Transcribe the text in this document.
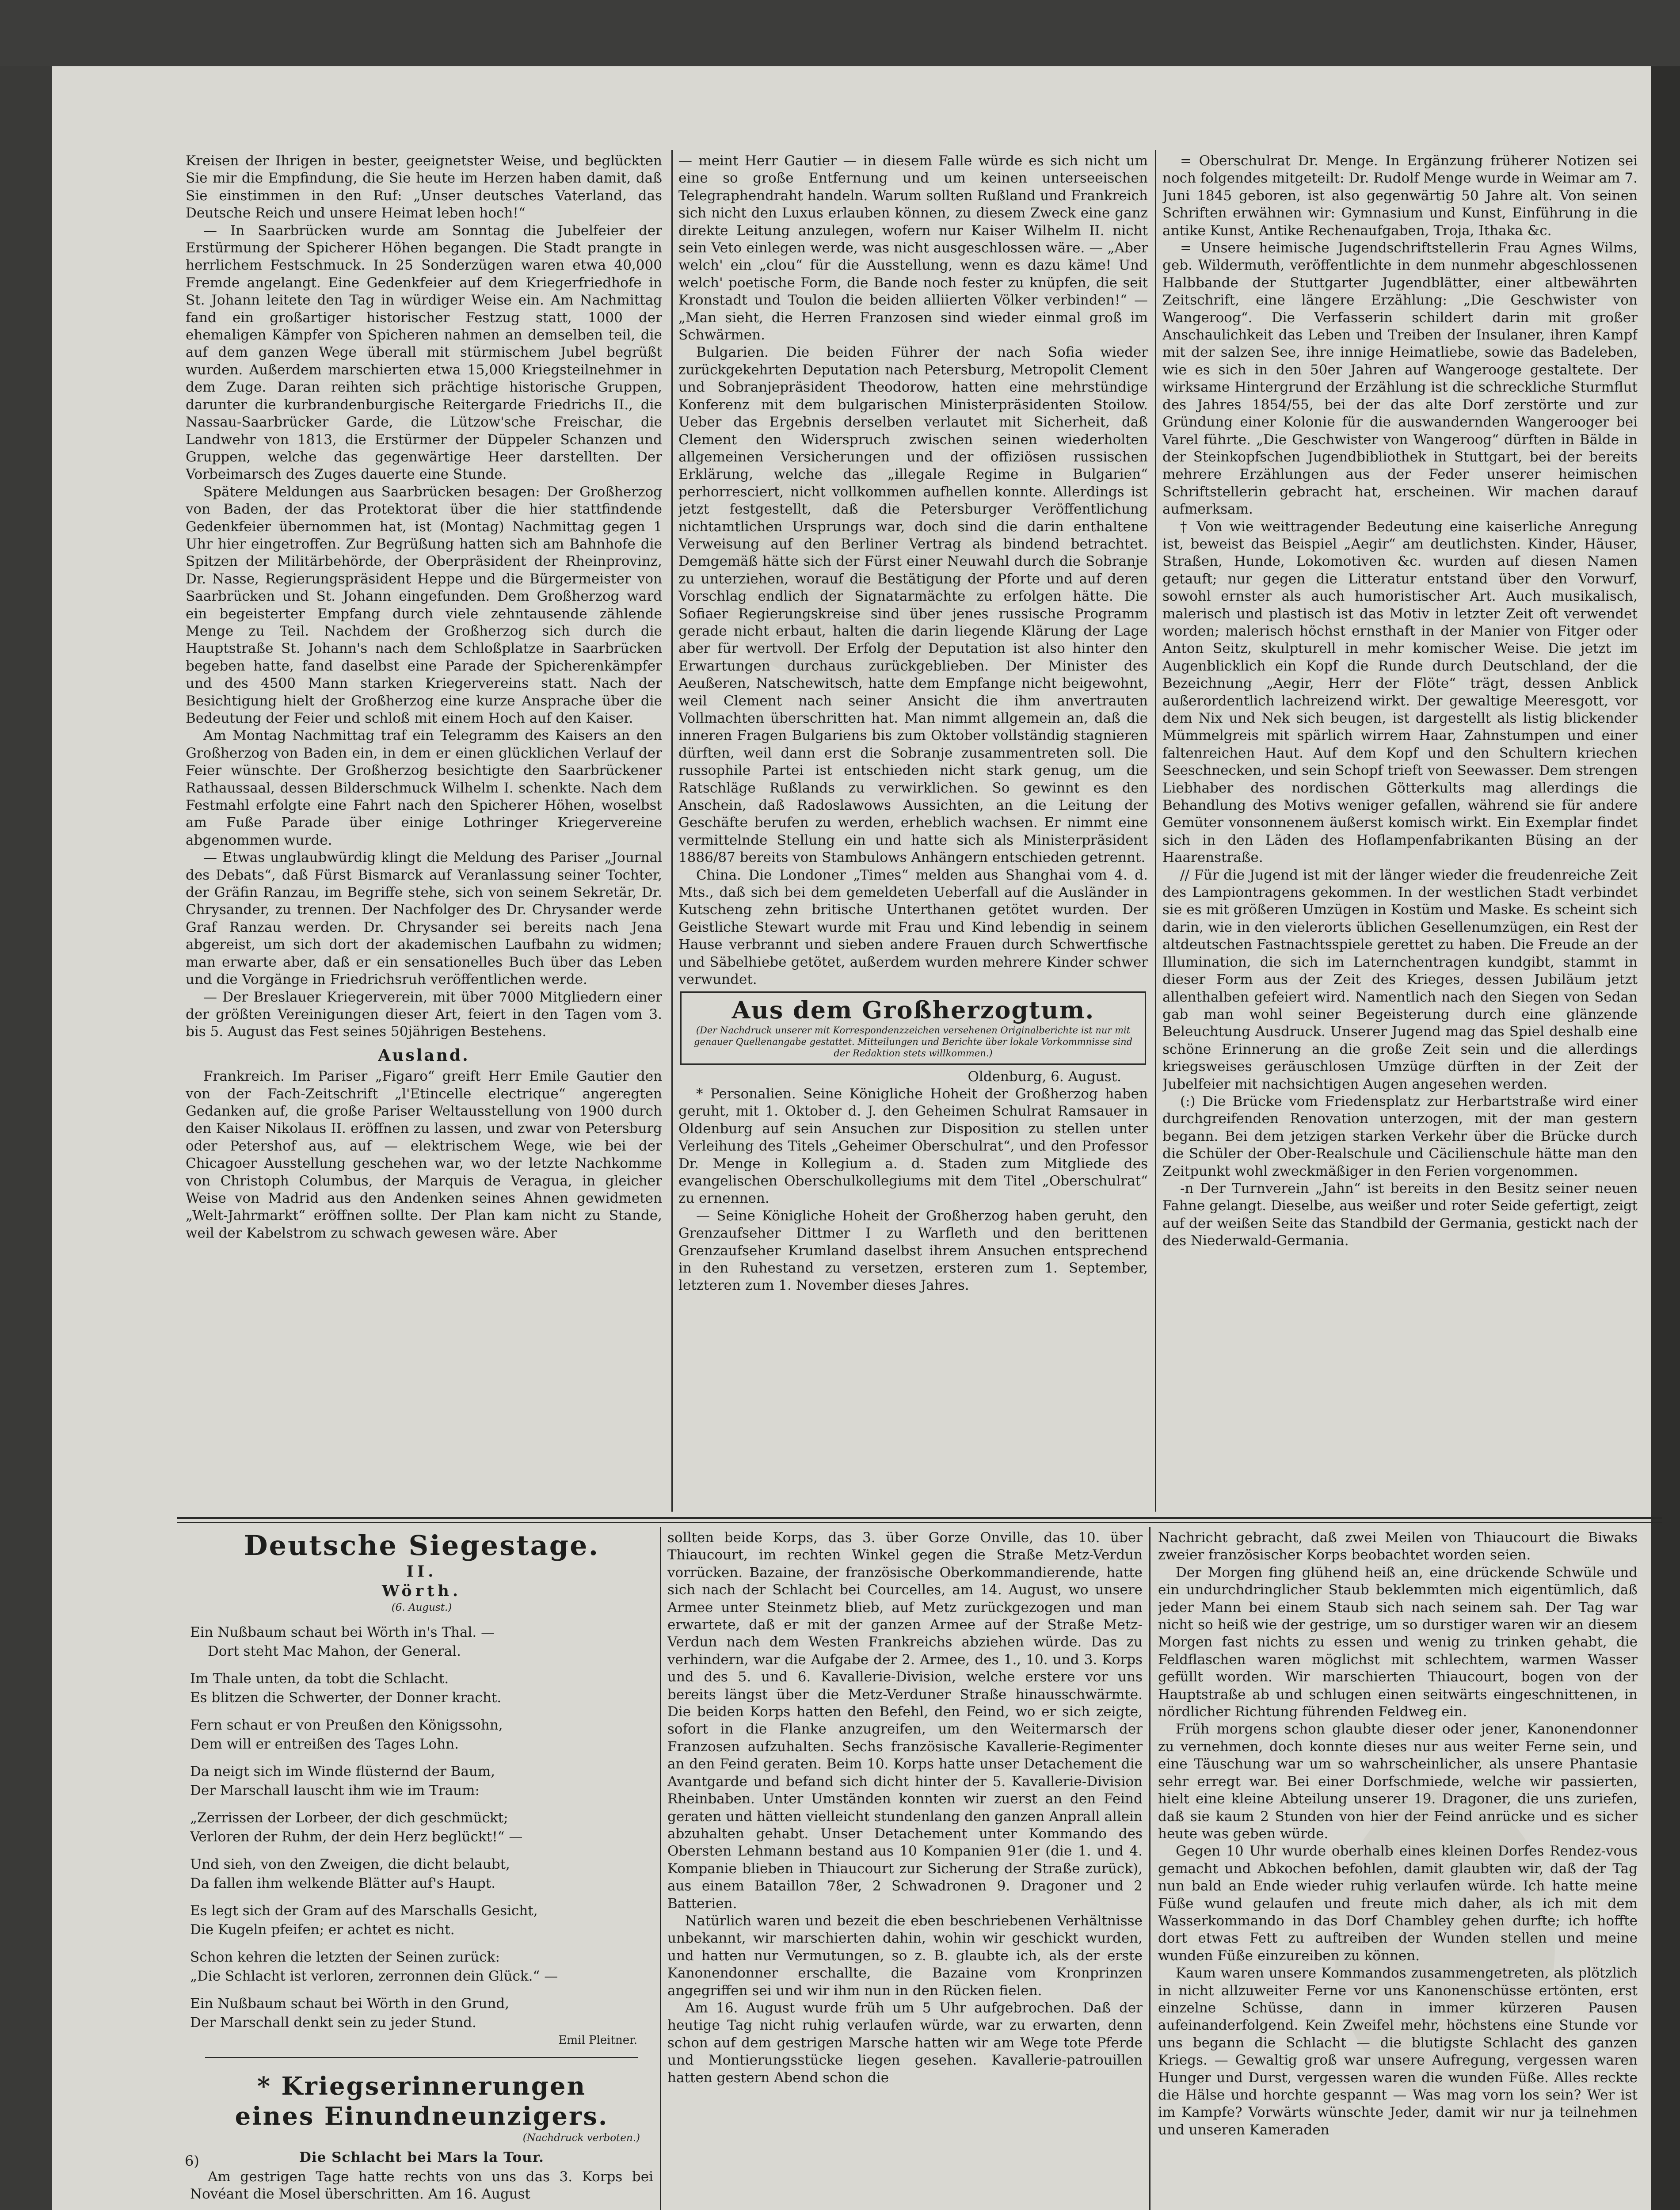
6)

Kreisen der Ihrigen in bester, geeignetster Weise, und beglückten Sie mir die Empfindung, die Sie heute im Herzen haben damit, daß Sie einstimmen in den Ruf: „Unser deutsches Vaterland, das Deutsche Reich und unsere Heimat leben hoch!“

— In Saarbrücken wurde am Sonntag die Jubelfeier der Erstürmung der Spicherer Höhen begangen. Die Stadt prangte in herrlichem Festschmuck. In 25 Sonderzügen waren etwa 40,000 Fremde angelangt. Eine Gedenkfeier auf dem Kriegerfriedhofe in St. Johann leitete den Tag in würdiger Weise ein. Am Nachmittag fand ein großartiger historischer Festzug statt, 1000 der ehemaligen Kämpfer von Spicheren nahmen an demselben teil, die auf dem ganzen Wege überall mit stürmischem Jubel begrüßt wurden. Außerdem marschierten etwa 15,000 Kriegsteilnehmer in dem Zuge. Daran reihten sich prächtige historische Gruppen, darunter die kurbrandenburgische Reitergarde Friedrichs II., die Nassau-Saarbrücker Garde, die Lützow'sche Freischar, die Landwehr von 1813, die Erstürmer der Düppeler Schanzen und Gruppen, welche das gegenwärtige Heer darstellten. Der Vorbeimarsch des Zuges dauerte eine Stunde.

Spätere Meldungen aus Saarbrücken besagen: Der Großherzog von Baden, der das Protektorat über die hier stattfindende Gedenkfeier übernommen hat, ist (Montag) Nachmittag gegen 1 Uhr hier eingetroffen. Zur Begrüßung hatten sich am Bahnhofe die Spitzen der Militärbehörde, der Oberpräsident der Rheinprovinz, Dr. Nasse, Regierungspräsident Heppe und die Bürgermeister von Saarbrücken und St. Johann eingefunden. Dem Großherzog ward ein begeisterter Empfang durch viele zehntausende zählende Menge zu Teil. Nachdem der Großherzog sich durch die Hauptstraße St. Johann's nach dem Schloßplatze in Saarbrücken begeben hatte, fand daselbst eine Parade der Spicherenkämpfer und des 4500 Mann starken Kriegervereins statt. Nach der Besichtigung hielt der Großherzog eine kurze Ansprache über die Bedeutung der Feier und schloß mit einem Hoch auf den Kaiser.

Am Montag Nachmittag traf ein Telegramm des Kaisers an den Großherzog von Baden ein, in dem er einen glücklichen Verlauf der Feier wünschte. Der Großherzog besichtigte den Saarbrückener Rathaussaal, dessen Bilderschmuck Wilhelm I. schenkte. Nach dem Festmahl erfolgte eine Fahrt nach den Spicherer Höhen, woselbst am Fuße Parade über einige Lothringer Kriegervereine abgenommen wurde.

— Etwas unglaubwürdig klingt die Meldung des Pariser „Journal des Debats“, daß Fürst Bismarck auf Veranlassung seiner Tochter, der Gräfin Ranzau, im Begriffe stehe, sich von seinem Sekretär, Dr. Chrysander, zu trennen. Der Nachfolger des Dr. Chrysander werde Graf Ranzau werden. Dr. Chrysander sei bereits nach Jena abgereist, um sich dort der akademischen Laufbahn zu widmen; man erwarte aber, daß er ein sensationelles Buch über das Leben und die Vorgänge in Friedrichsruh veröffentlichen werde.

— Der Breslauer Kriegerverein, mit über 7000 Mitgliedern einer der größten Vereinigungen dieser Art, feiert in den Tagen vom 3. bis 5. August das Fest seines 50jährigen Bestehens.

Ausland.

Frankreich. Im Pariser „Figaro“ greift Herr Emile Gautier den von der Fach-Zeitschrift „l'Etincelle electrique“ angeregten Gedanken auf, die große Pariser Weltausstellung von 1900 durch den Kaiser Nikolaus II. eröffnen zu lassen, und zwar von Petersburg oder Petershof aus, auf — elektrischem Wege, wie bei der Chicagoer Ausstellung geschehen war, wo der letzte Nachkomme von Christoph Columbus, der Marquis de Veragua, in gleicher Weise von Madrid aus den Andenken seines Ahnen gewidmeten „Welt-Jahrmarkt“ eröffnen sollte. Der Plan kam nicht zu Stande, weil der Kabelstrom zu schwach gewesen wäre. Aber

— meint Herr Gautier — in diesem Falle würde es sich nicht um eine so große Entfernung und um keinen unterseeischen Telegraphendraht handeln. Warum sollten Rußland und Frankreich sich nicht den Luxus erlauben können, zu diesem Zweck eine ganz direkte Leitung anzulegen, wofern nur Kaiser Wilhelm II. nicht sein Veto einlegen werde, was nicht ausgeschlossen wäre. — „Aber welch' ein „clou“ für die Ausstellung, wenn es dazu käme! Und welch' poetische Form, die Bande noch fester zu knüpfen, die seit Kronstadt und Toulon die beiden alliierten Völker verbinden!“ — „Man sieht, die Herren Franzosen sind wieder einmal groß im Schwärmen.

Bulgarien. Die beiden Führer der nach Sofia wieder zurückgekehrten Deputation nach Petersburg, Metropolit Clement und Sobranjepräsident Theodorow, hatten eine mehrstündige Konferenz mit dem bulgarischen Ministerpräsidenten Stoilow. Ueber das Ergebnis derselben verlautet mit Sicherheit, daß Clement den Widerspruch zwischen seinen wiederholten allgemeinen Versicherungen und der offiziösen russischen Erklärung, welche das „illegale Regime in Bulgarien“ perhorresciert, nicht vollkommen aufhellen konnte. Allerdings ist jetzt festgestellt, daß die Petersburger Veröffentlichung nichtamtlichen Ursprungs war, doch sind die darin enthaltene Verweisung auf den Berliner Vertrag als bindend betrachtet. Demgemäß hätte sich der Fürst einer Neuwahl durch die Sobranje zu unterziehen, worauf die Bestätigung der Pforte und auf deren Vorschlag endlich der Signatarmächte zu erfolgen hätte. Die Sofiaer Regierungskreise sind über jenes russische Programm gerade nicht erbaut, halten die darin liegende Klärung der Lage aber für wertvoll. Der Erfolg der Deputation ist also hinter den Erwartungen durchaus zurückgeblieben. Der Minister des Aeußeren, Natschewitsch, hatte dem Empfange nicht beigewohnt, weil Clement nach seiner Ansicht die ihm anvertrauten Vollmachten überschritten hat. Man nimmt allgemein an, daß die inneren Fragen Bulgariens bis zum Oktober vollständig stagnieren dürften, weil dann erst die Sobranje zusammentreten soll. Die russophile Partei ist entschieden nicht stark genug, um die Ratschläge Rußlands zu verwirklichen. So gewinnt es den Anschein, daß Radoslawows Aussichten, an die Leitung der Geschäfte berufen zu werden, erheblich wachsen. Er nimmt eine vermittelnde Stellung ein und hatte sich als Ministerpräsident 1886/87 bereits von Stambulows Anhängern entschieden getrennt.

China. Die Londoner „Times“ melden aus Shanghai vom 4. d. Mts., daß sich bei dem gemeldeten Ueberfall auf die Ausländer in Kutscheng zehn britische Unterthanen getötet wurden. Der Geistliche Stewart wurde mit Frau und Kind lebendig in seinem Hause verbrannt und sieben andere Frauen durch Schwertfische und Säbelhiebe getötet, außerdem wurden mehrere Kinder schwer verwundet.

Aus dem Großherzogtum.
(Der Nachdruck unserer mit Korrespondenzzeichen versehenen Originalberichte ist nur mit genauer Quellenangabe gestattet. Mitteilungen und Berichte über lokale Vorkommnisse sind der Redaktion stets willkommen.)
Oldenburg, 6. August.

* Personalien. Seine Königliche Hoheit der Großherzog haben geruht, mit 1. Oktober d. J. den Geheimen Schulrat Ramsauer in Oldenburg auf sein Ansuchen zur Disposition zu stellen unter Verleihung des Titels „Geheimer Oberschulrat“, und den Professor Dr. Menge in Kollegium a. d. Staden zum Mitgliede des evangelischen Oberschulkollegiums mit dem Titel „Oberschulrat“ zu ernennen.

— Seine Königliche Hoheit der Großherzog haben geruht, den Grenzaufseher Dittmer I zu Warfleth und den berittenen Grenzaufseher Krumland daselbst ihrem Ansuchen entsprechend in den Ruhestand zu versetzen, ersteren zum 1. September, letzteren zum 1. November dieses Jahres.

= Oberschulrat Dr. Menge. In Ergänzung früherer Notizen sei noch folgendes mitgeteilt: Dr. Rudolf Menge wurde in Weimar am 7. Juni 1845 geboren, ist also gegenwärtig 50 Jahre alt. Von seinen Schriften erwähnen wir: Gymnasium und Kunst, Einführung in die antike Kunst, Antike Rechenaufgaben, Troja, Ithaka &c.

= Unsere heimische Jugendschriftstellerin Frau Agnes Wilms, geb. Wildermuth, veröffentlichte in dem nunmehr abgeschlossenen Halbbande der Stuttgarter Jugendblätter, einer altbewährten Zeitschrift, eine längere Erzählung: „Die Geschwister von Wangeroog“. Die Verfasserin schildert darin mit großer Anschaulichkeit das Leben und Treiben der Insulaner, ihren Kampf mit der salzen See, ihre innige Heimatliebe, sowie das Badeleben, wie es sich in den 50er Jahren auf Wangerooge gestaltete. Der wirksame Hintergrund der Erzählung ist die schreckliche Sturmflut des Jahres 1854/55, bei der das alte Dorf zerstörte und zur Gründung einer Kolonie für die auswandernden Wangerooger bei Varel führte. „Die Geschwister von Wangeroog“ dürften in Bälde in der Steinkopfschen Jugendbibliothek in Stuttgart, bei der bereits mehrere Erzählungen aus der Feder unserer heimischen Schriftstellerin gebracht hat, erscheinen. Wir machen darauf aufmerksam.

† Von wie weittragender Bedeutung eine kaiserliche Anregung ist, beweist das Beispiel „Aegir“ am deutlichsten. Kinder, Häuser, Straßen, Hunde, Lokomotiven &c. wurden auf diesen Namen getauft; nur gegen die Litteratur entstand über den Vorwurf, sowohl ernster als auch humoristischer Art. Auch musikalisch, malerisch und plastisch ist das Motiv in letzter Zeit oft verwendet worden; malerisch höchst ernsthaft in der Manier von Fitger oder Anton Seitz, skulpturell in mehr komischer Weise. Die jetzt im Augenblicklich ein Kopf die Runde durch Deutschland, der die Bezeichnung „Aegir, Herr der Flöte“ trägt, dessen Anblick außerordentlich lachreizend wirkt. Der gewaltige Meeresgott, vor dem Nix und Nek sich beugen, ist dargestellt als listig blickender Mümmelgreis mit spärlich wirrem Haar, Zahnstumpen und einer faltenreichen Haut. Auf dem Kopf und den Schultern kriechen Seeschnecken, und sein Schopf trieft von Seewasser. Dem strengen Liebhaber des nordischen Götterkults mag allerdings die Behandlung des Motivs weniger gefallen, während sie für andere Gemüter vonsonnenem äußerst komisch wirkt. Ein Exemplar findet sich in den Läden des Hoflampenfabrikanten Büsing an der Haarenstraße.

// Für die Jugend ist mit der länger wieder die freudenreiche Zeit des Lampiontragens gekommen. In der westlichen Stadt verbindet sie es mit größeren Umzügen in Kostüm und Maske. Es scheint sich darin, wie in den vielerorts üblichen Gesellenumzügen, ein Rest der altdeutschen Fastnachtsspiele gerettet zu haben. Die Freude an der Illumination, die sich im Laternchentragen kundgibt, stammt in dieser Form aus der Zeit des Krieges, dessen Jubiläum jetzt allenthalben gefeiert wird. Namentlich nach den Siegen von Sedan gab man wohl seiner Begeisterung durch eine glänzende Beleuchtung Ausdruck. Unserer Jugend mag das Spiel deshalb eine schöne Erinnerung an die große Zeit sein und die allerdings kriegsweises geräuschlosen Umzüge dürften in der Zeit der Jubelfeier mit nachsichtigen Augen angesehen werden.

(:) Die Brücke vom Friedensplatz zur Herbartstraße wird einer durchgreifenden Renovation unterzogen, mit der man gestern begann. Bei dem jetzigen starken Verkehr über die Brücke durch die Schüler der Ober-Realschule und Cäcilienschule hätte man den Zeitpunkt wohl zweckmäßiger in den Ferien vorgenommen.

-n Der Turnverein „Jahn“ ist bereits in den Besitz seiner neuen Fahne gelangt. Dieselbe, aus weißer und roter Seide gefertigt, zeigt auf der weißen Seite das Standbild der Germania, gestickt nach der des Niederwald-Germania.

Deutsche Siegestage.
II.
Wörth.
(6. August.)
Ein Nußbaum schaut bei Wörth in's Thal. —
Dort steht Mac Mahon, der General.
Im Thale unten, da tobt die Schlacht.
Es blitzen die Schwerter, der Donner kracht.
Fern schaut er von Preußen den Königssohn,
Dem will er entreißen des Tages Lohn.
Da neigt sich im Winde flüsternd der Baum,
Der Marschall lauscht ihm wie im Traum:
„Zerrissen der Lorbeer, der dich geschmückt;
Verloren der Ruhm, der dein Herz beglückt!“ —
Und sieh, von den Zweigen, die dicht belaubt,
Da fallen ihm welkende Blätter auf's Haupt.
Es legt sich der Gram auf des Marschalls Gesicht,
Die Kugeln pfeifen; er achtet es nicht.
Schon kehren die letzten der Seinen zurück:
„Die Schlacht ist verloren, zerronnen dein Glück.“ —
Ein Nußbaum schaut bei Wörth in den Grund,
Der Marschall denkt sein zu jeder Stund.
Emil Pleitner.
* Kriegserinnerungen
eines Einundneunzigers.
(Nachdruck verboten.)
Die Schlacht bei Mars la Tour.

Am gestrigen Tage hatte rechts von uns das 3. Korps bei Novéant die Mosel überschritten. Am 16. August

sollten beide Korps, das 3. über Gorze Onville, das 10. über Thiaucourt, im rechten Winkel gegen die Straße Metz-Verdun vorrücken. Bazaine, der französische Oberkommandierende, hatte sich nach der Schlacht bei Courcelles, am 14. August, wo unsere Armee unter Steinmetz blieb, auf Metz zurückgezogen und man erwartete, daß er mit der ganzen Armee auf der Straße Metz-Verdun nach dem Westen Frankreichs abziehen würde. Das zu verhindern, war die Aufgabe der 2. Armee, des 1., 10. und 3. Korps und des 5. und 6. Kavallerie-Division, welche erstere vor uns bereits längst über die Metz-Verduner Straße hinausschwärmte. Die beiden Korps hatten den Befehl, den Feind, wo er sich zeigte, sofort in die Flanke anzugreifen, um den Weitermarsch der Franzosen aufzuhalten. Sechs französische Kavallerie-Regimenter an den Feind geraten. Beim 10. Korps hatte unser Detachement die Avantgarde und befand sich dicht hinter der 5. Kavallerie-Division Rheinbaben. Unter Umständen konnten wir zuerst an den Feind geraten und hätten vielleicht stundenlang den ganzen Anprall allein abzuhalten gehabt. Unser Detachement unter Kommando des Obersten Lehmann bestand aus 10 Kompanien 91er (die 1. und 4. Kompanie blieben in Thiaucourt zur Sicherung der Straße zurück), aus einem Bataillon 78er, 2 Schwadronen 9. Dragoner und 2 Batterien.

Natürlich waren und bezeit die eben beschriebenen Verhältnisse unbekannt, wir marschierten dahin, wohin wir geschickt wurden, und hatten nur Vermutungen, so z. B. glaubte ich, als der erste Kanonendonner erschallte, die Bazaine vom Kronprinzen angegriffen sei und wir ihm nun in den Rücken fielen.

Am 16. August wurde früh um 5 Uhr aufgebrochen. Daß der heutige Tag nicht ruhig verlaufen würde, war zu erwarten, denn schon auf dem gestrigen Marsche hatten wir am Wege tote Pferde und Montierungsstücke liegen gesehen. Kavallerie-patrouillen hatten gestern Abend schon die

Nachricht gebracht, daß zwei Meilen von Thiaucourt die Biwaks zweier französischer Korps beobachtet worden seien.

Der Morgen fing glühend heiß an, eine drückende Schwüle und ein undurchdringlicher Staub beklemmten mich eigentümlich, daß jeder Mann bei einem Staub sich nach seinem sah. Der Tag war nicht so heiß wie der gestrige, um so durstiger waren wir an diesem Morgen fast nichts zu essen und wenig zu trinken gehabt, die Feldflaschen waren möglichst mit schlechtem, warmen Wasser gefüllt worden. Wir marschierten Thiaucourt, bogen von der Hauptstraße ab und schlugen einen seitwärts eingeschnittenen, in nördlicher Richtung führenden Feldweg ein.

Früh morgens schon glaubte dieser oder jener, Kanonendonner zu vernehmen, doch konnte dieses nur aus weiter Ferne sein, und eine Täuschung war um so wahrscheinlicher, als unsere Phantasie sehr erregt war. Bei einer Dorfschmiede, welche wir passierten, hielt eine kleine Abteilung unserer 19. Dragoner, die uns zuriefen, daß sie kaum 2 Stunden von hier der Feind anrücke und es sicher heute was geben würde.

Gegen 10 Uhr wurde oberhalb eines kleinen Dorfes Rendez-vous gemacht und Abkochen befohlen, damit glaubten wir, daß der Tag nun bald an Ende wieder ruhig verlaufen würde. Ich hatte meine Füße wund gelaufen und freute mich daher, als ich mit dem Wasserkommando in das Dorf Chambley gehen durfte; ich hoffte dort etwas Fett zu auftreiben der Wunden stellen und meine wunden Füße einzureiben zu können.

Kaum waren unsere Kommandos zusammengetreten, als plötzlich in nicht allzuweiter Ferne vor uns Kanonenschüsse ertönten, erst einzelne Schüsse, dann in immer kürzeren Pausen aufeinanderfolgend. Kein Zweifel mehr, höchstens eine Stunde vor uns begann die Schlacht — die blutigste Schlacht des ganzen Kriegs. — Gewaltig groß war unsere Aufregung, vergessen waren Hunger und Durst, vergessen waren die wunden Füße. Alles reckte die Hälse und horchte gespannt — Was mag vorn los sein? Wer ist im Kampfe? Vorwärts wünschte Jeder, damit wir nur ja teilnehmen und unseren Kameraden
